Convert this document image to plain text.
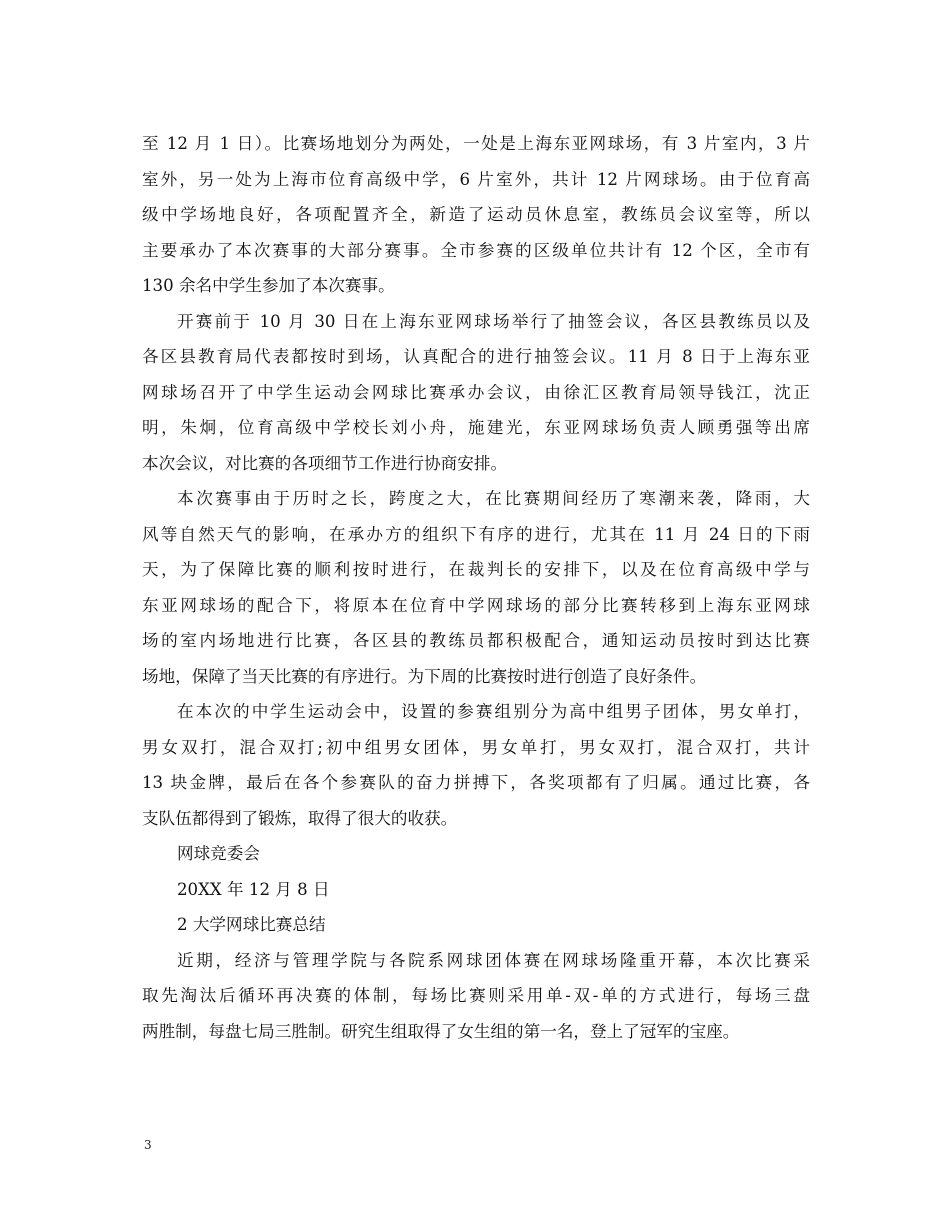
至 12 月 1 日）。比赛场地划分为两处，一处是上海东亚网球场，有 3 片室内，3 片
室外，另一处为上海市位育高级中学，6 片室外，共计 12 片网球场。由于位育高
级中学场地良好，各项配置齐全，新造了运动员休息室，教练员会议室等，所以
主要承办了本次赛事的大部分赛事。全市参赛的区级单位共计有 12 个区，全市有
130 余名中学生参加了本次赛事。
开赛前于 10 月 30 日在上海东亚网球场举行了抽签会议，各区县教练员以及
各区县教育局代表都按时到场，认真配合的进行抽签会议。11 月 8 日于上海东亚
网球场召开了中学生运动会网球比赛承办会议，由徐汇区教育局领导钱江，沈正
明，朱炯，位育高级中学校长刘小舟，施建光，东亚网球场负责人顾勇强等出席
本次会议，对比赛的各项细节工作进行协商安排。
本次赛事由于历时之长，跨度之大，在比赛期间经历了寒潮来袭，降雨，大
风等自然天气的影响，在承办方的组织下有序的进行，尤其在 11 月 24 日的下雨
天，为了保障比赛的顺利按时进行，在裁判长的安排下，以及在位育高级中学与
东亚网球场的配合下，将原本在位育中学网球场的部分比赛转移到上海东亚网球
场的室内场地进行比赛，各区县的教练员都积极配合，通知运动员按时到达比赛
场地，保障了当天比赛的有序进行。为下周的比赛按时进行创造了良好条件。
在本次的中学生运动会中，设置的参赛组别分为高中组男子团体，男女单打，
男女双打，混合双打;初中组男女团体，男女单打，男女双打，混合双打，共计
13 块金牌，最后在各个参赛队的奋力拼搏下，各奖项都有了归属。通过比赛，各
支队伍都得到了锻炼，取得了很大的收获。
网球竞委会
20XX 年 12 月 8 日
2 大学网球比赛总结
近期，经济与管理学院与各院系网球团体赛在网球场隆重开幕，本次比赛采
取先淘汰后循环再决赛的体制，每场比赛则采用单-双-单的方式进行，每场三盘
两胜制，每盘七局三胜制。研究生组取得了女生组的第一名，登上了冠军的宝座。
3
